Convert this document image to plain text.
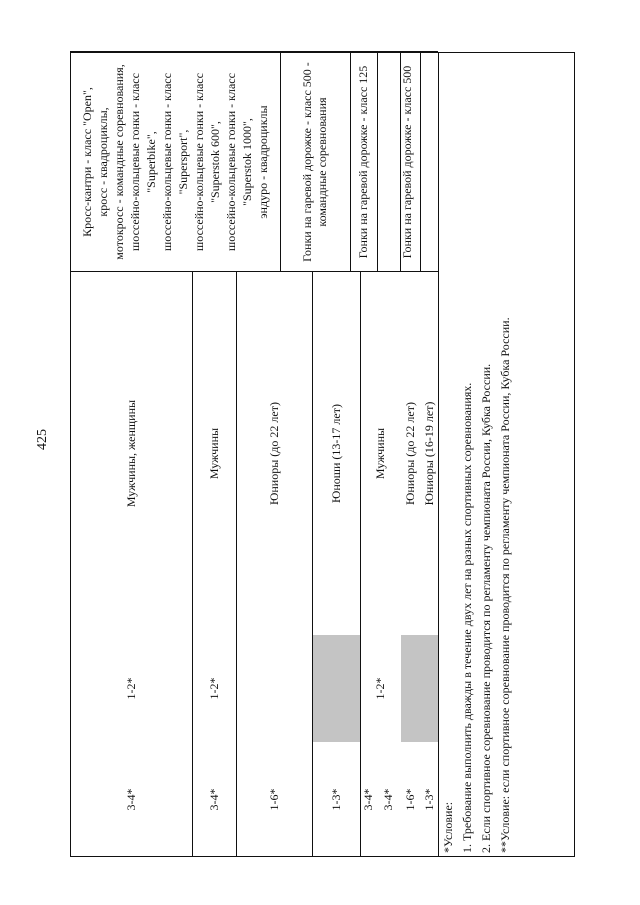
425

Кросс-кантри - класс "Open", кросс - квадроциклы, мотокросс - командные соревнования, шоссейно-кольцевые гонки - класс "Superbike", шоссейно-кольцевые гонки - класс "Supersport", шоссейно-кольцевые гонки - класс "Superstok 600", шоссейно-кольцевые гонки - класс "Superstok 1000", эндуро - квадроциклы

3-4*
1-2*
Мужчины, женщины
Гонки на гаревой дорожке - класс 500 - командные соревнования
3-4*
1-2*
Мужчины
1-6*
Юниоры (до 22 лет)
Гонки на гаревой дорожке - класс 125
1-3*
Юноши (13-17 лет)
Гонки на гаревой дорожке - класс 500
3-4*
1-2*
Мужчины
3-4* 1-6*
Юниоры (до 22 лет)
1-3*
Юниоры (16-19 лет)

*Условие: 1. Требование выполнить дважды в течение двух лет на разных спортивных соревнованиях. 2. Если спортивное соревнование проводится по регламенту чемпионата России, Кубка России. **Условие: если спортивное соревнование проводится по регламенту чемпионата России, Кубка России.
